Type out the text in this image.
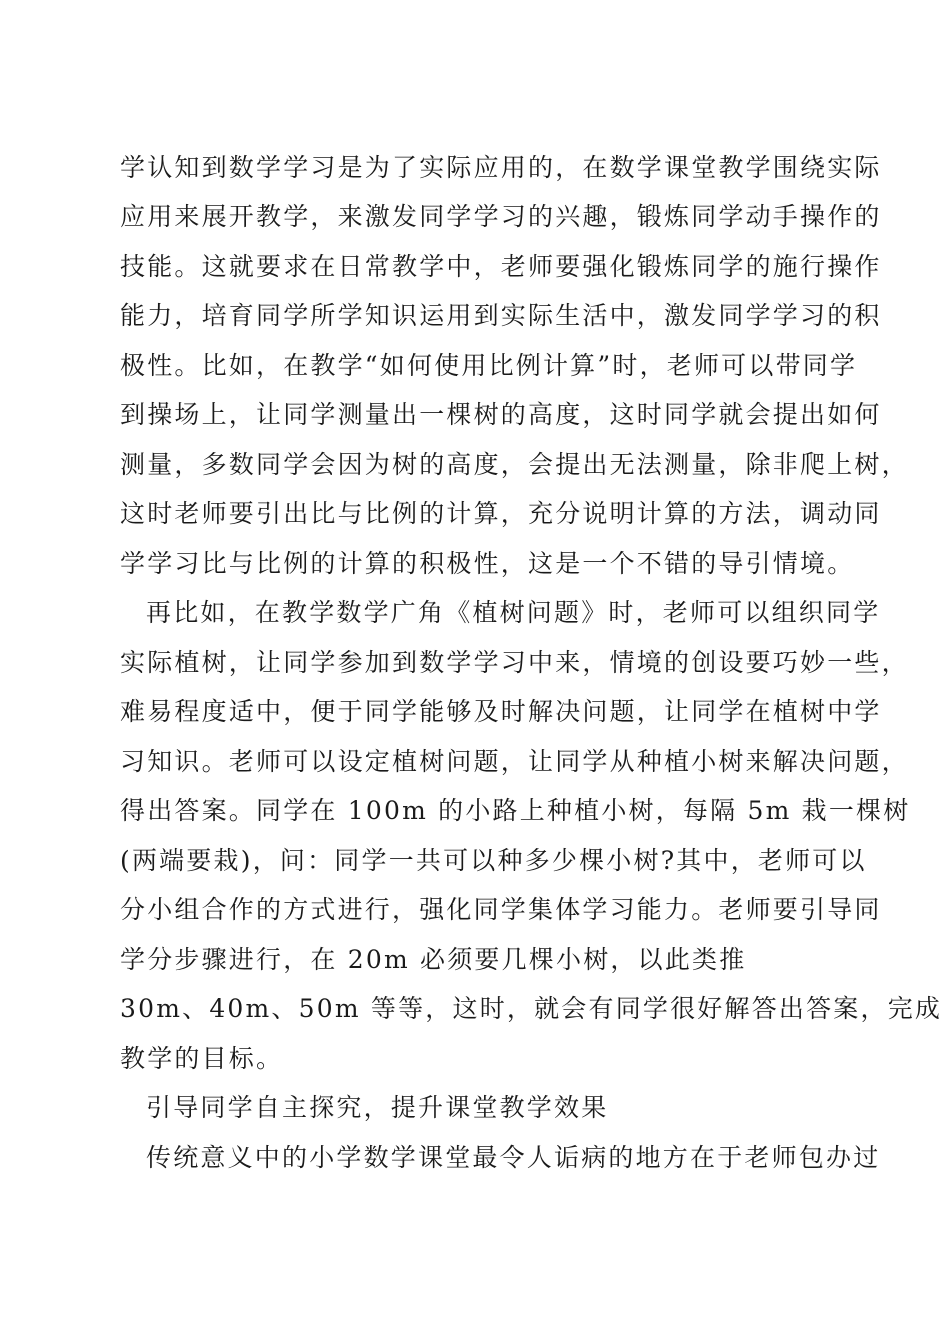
学认知到数学学习是为了实际应用的，在数学课堂教学围绕实际
应用来展开教学，来激发同学学习的兴趣，锻炼同学动手操作的
技能。这就要求在日常教学中，老师要强化锻炼同学的施行操作
能力，培育同学所学知识运用到实际生活中，激发同学学习的积
极性。比如，在教学“如何使用比例计算”时，老师可以带同学
到操场上，让同学测量出一棵树的高度，这时同学就会提出如何
测量，多数同学会因为树的高度，会提出无法测量，除非爬上树，
这时老师要引出比与比例的计算，充分说明计算的方法，调动同
学学习比与比例的计算的积极性，这是一个不错的导引情境。
再比如，在教学数学广角《植树问题》时，老师可以组织同学
实际植树，让同学参加到数学学习中来，情境的创设要巧妙一些，
难易程度适中，便于同学能够及时解决问题，让同学在植树中学
习知识。老师可以设定植树问题，让同学从种植小树来解决问题，
得出答案。同学在 100m 的小路上种植小树，每隔 5m 栽一棵树
(两端要栽)，问：同学一共可以种多少棵小树?其中，老师可以
分小组合作的方式进行，强化同学集体学习能力。老师要引导同
学分步骤进行，在 20m 必须要几棵小树，以此类推
30m、40m、50m 等等，这时，就会有同学很好解答出答案，完成
教学的目标。
引导同学自主探究，提升课堂教学效果
传统意义中的小学数学课堂最令人诟病的地方在于老师包办过
